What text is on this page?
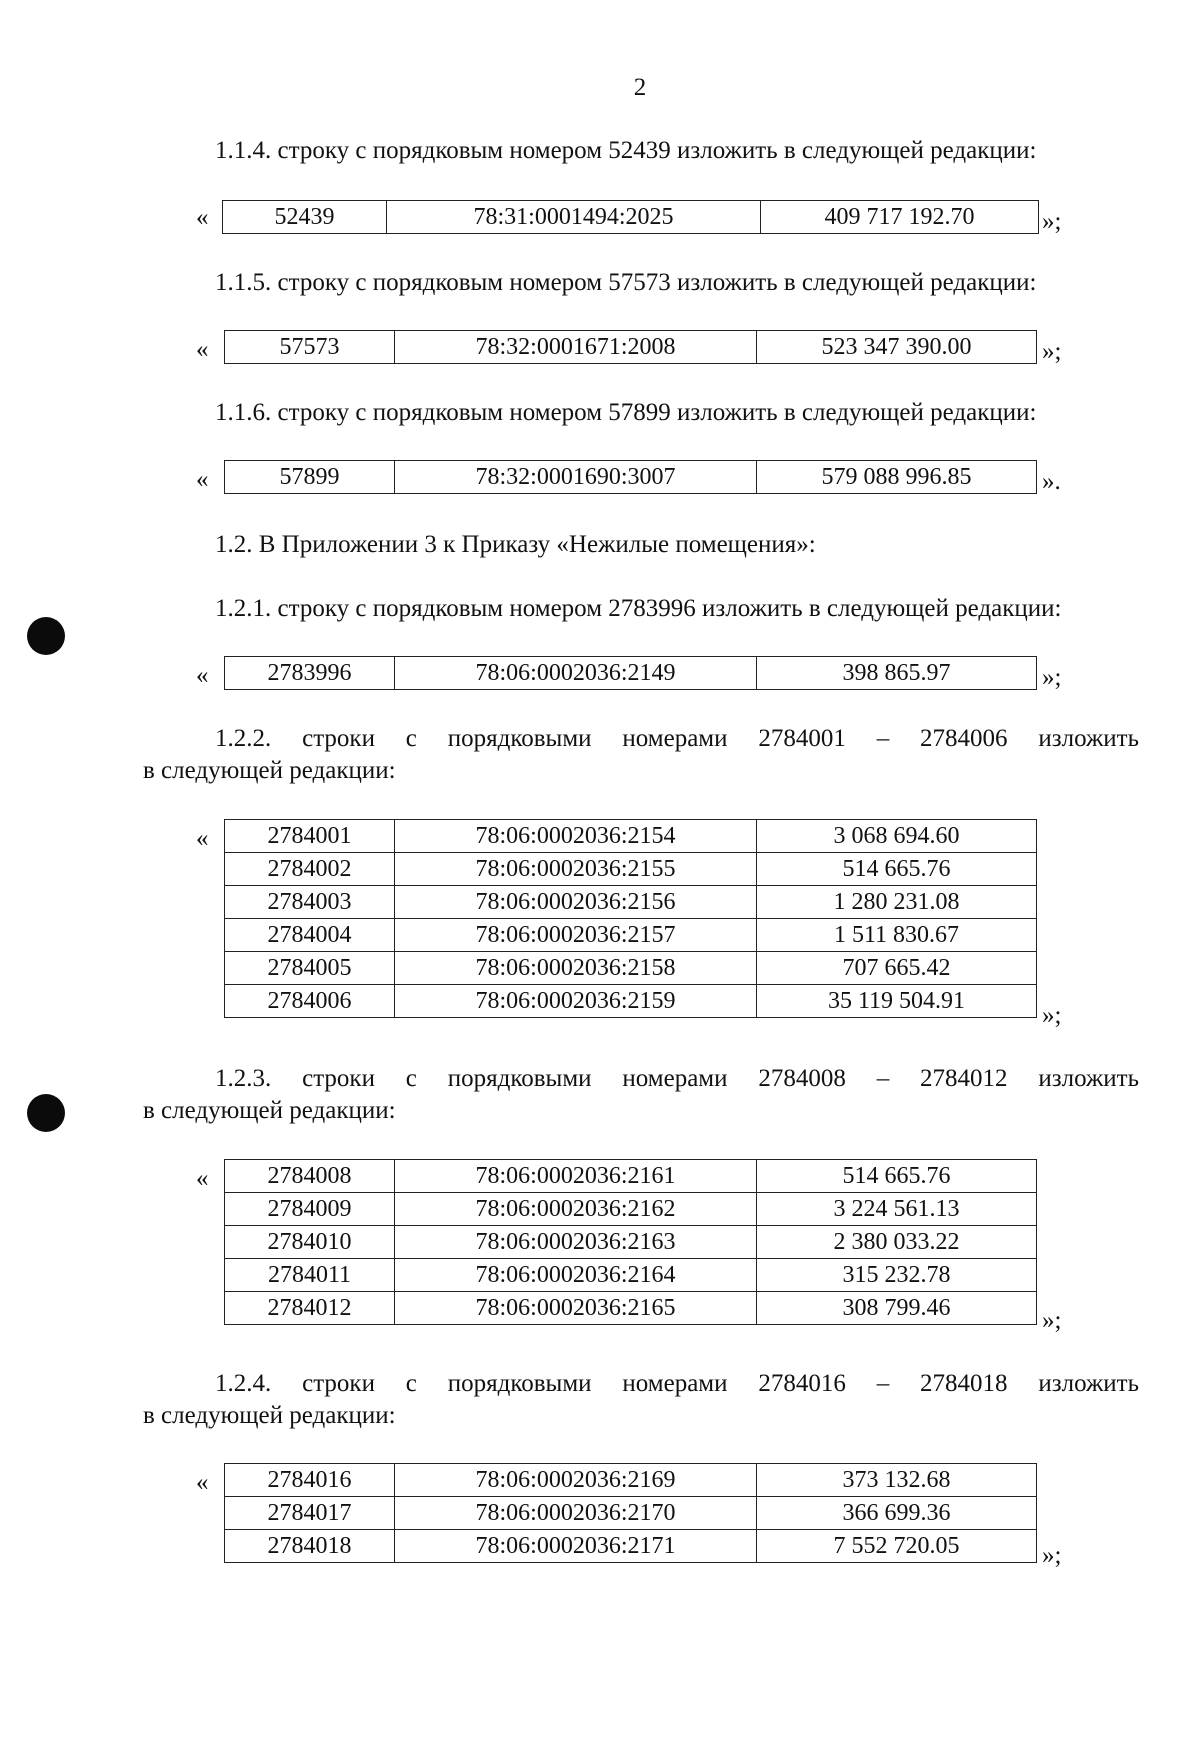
2
1.1.4. строку с порядковым номером 52439 изложить в следующей редакции:
«	52439	78:31:0001494:2025	409 717 192.70	»;
1.1.5. строку с порядковым номером 57573 изложить в следующей редакции:
«	57573	78:32:0001671:2008	523 347 390.00	»;
1.1.6. строку с порядковым номером 57899 изложить в следующей редакции:
«	57899	78:32:0001690:3007	579 088 996.85	».
1.2. В Приложении 3 к Приказу «Нежилые помещения»:
1.2.1. строку с порядковым номером 2783996 изложить в следующей редакции:
« 2783996	78:06:0002036:2149	398 865.97	»;
1.2.2. строки с порядковыми номерами 2784001 – 2784006 изложить
в следующей редакции:
« 2784001	78:06:0002036:2154	3 068 694.60
2784002	78:06:0002036:2155	514 665.76
2784003	78:06:0002036:2156	1 280 231.08
2784004	78:06:0002036:2157	1 511 830.67
2784005	78:06:0002036:2158	707 665.42
2784006	78:06:0002036:2159	35 119 504.91
»;
1.2.3. строки с порядковыми номерами 2784008 – 2784012 изложить
в следующей редакции:
« 2784008	78:06:0002036:2161	514 665.76
2784009	78:06:0002036:2162	3 224 561.13
2784010	78:06:0002036:2163	2 380 033.22
2784011	78:06:0002036:2164	315 232.78
2784012	78:06:0002036:2165	308 799.46	»;
1.2.4. строки с порядковыми номерами 2784016 – 2784018 изложить
в следующей редакции:
« 2784016	78:06:0002036:2169	373 132.68
2784017	78:06:0002036:2170	366 699.36
2784018	78:06:0002036:2171	7 552 720.05	»;
